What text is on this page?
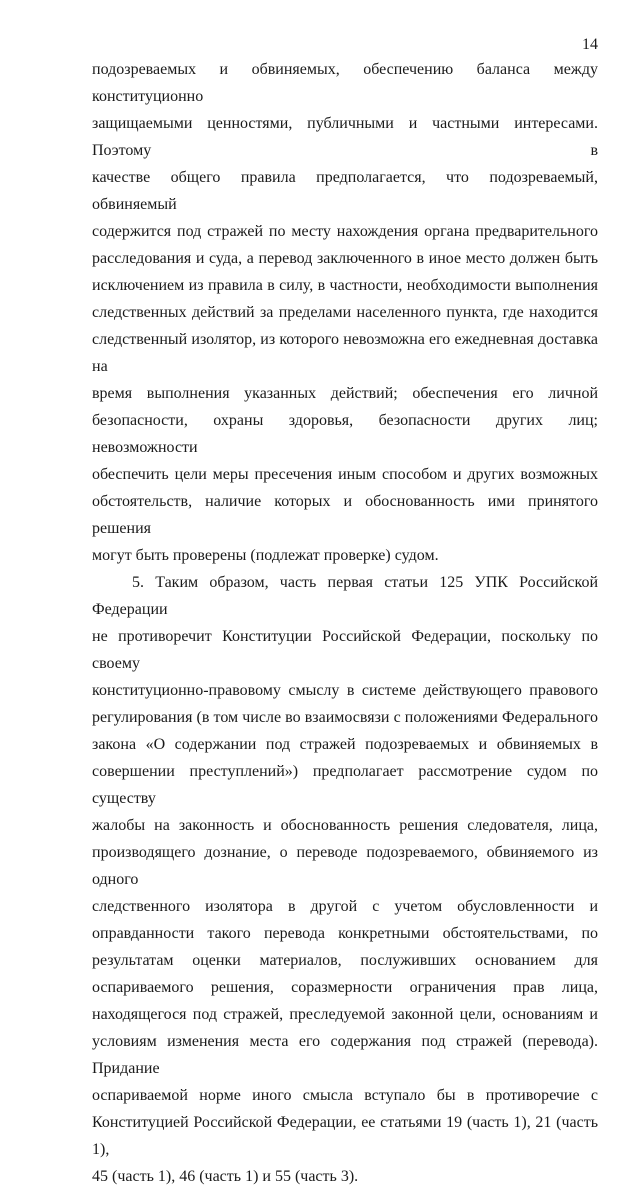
14
подозреваемых и обвиняемых, обеспечению баланса между конституционно
защищаемыми ценностями, публичными и частными интересами. Поэтому в
качестве общего правила предполагается, что подозреваемый, обвиняемый
содержится под стражей по месту нахождения органа предварительного
расследования и суда, а перевод заключенного в иное место должен быть
исключением из правила в силу, в частности, необходимости выполнения
следственных действий за пределами населенного пункта, где находится
следственный изолятор, из которого невозможна его ежедневная доставка на
время выполнения указанных действий; обеспечения его личной
безопасности, охраны здоровья, безопасности других лиц; невозможности
обеспечить цели меры пресечения иным способом и других возможных
обстоятельств, наличие которых и обоснованность ими принятого решения
могут быть проверены (подлежат проверке) судом.
5. Таким образом, часть первая статьи 125 УПК Российской Федерации
не противоречит Конституции Российской Федерации, поскольку по своему
конституционно-правовому смыслу в системе действующего правового
регулирования (в том числе во взаимосвязи с положениями Федерального
закона «О содержании под стражей подозреваемых и обвиняемых в
совершении преступлений») предполагает рассмотрение судом по существу
жалобы на законность и обоснованность решения следователя, лица,
производящего дознание, о переводе подозреваемого, обвиняемого из одного
следственного изолятора в другой с учетом обусловленности и
оправданности такого перевода конкретными обстоятельствами, по
результатам оценки материалов, послуживших основанием для
оспариваемого решения, соразмерности ограничения прав лица,
находящегося под стражей, преследуемой законной цели, основаниям и
условиям изменения места его содержания под стражей (перевода). Придание
оспариваемой норме иного смысла вступало бы в противоречие с
Конституцией Российской Федерации, ее статьями 19 (часть 1), 21 (часть 1),
45 (часть 1), 46 (часть 1) и 55 (часть 3).
